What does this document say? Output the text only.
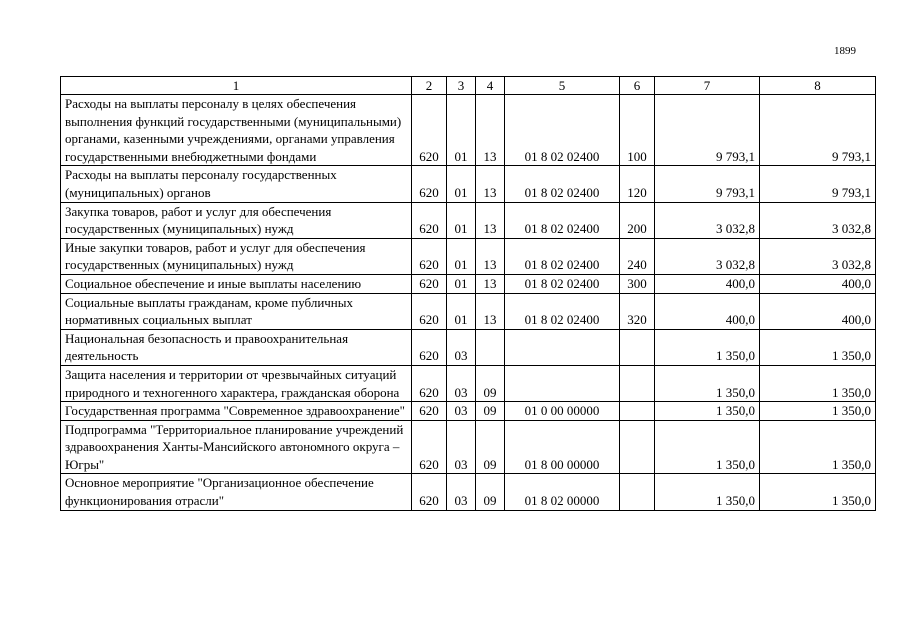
1899
1	2	3	4	5	6	7	8
Расходы на выплаты персоналу в целях обеспечения выполнения функций государственными (муниципальными) органами, казенными учреждениями, органами управления государственными внебюджетными фондами	620	01	13	01 8 02 02400	100	9 793,1	9 793,1
Расходы на выплаты персоналу государственных (муниципальных) органов	620	01	13	01 8 02 02400	120	9 793,1	9 793,1
Закупка товаров, работ и услуг для обеспечения государственных (муниципальных) нужд	620	01	13	01 8 02 02400	200	3 032,8	3 032,8
Иные закупки товаров, работ и услуг для обеспечения государственных (муниципальных) нужд	620	01	13	01 8 02 02400	240	3 032,8	3 032,8
Социальное обеспечение и иные выплаты населению	620	01	13	01 8 02 02400	300	400,0	400,0
Социальные выплаты гражданам, кроме публичных нормативных социальных выплат	620	01	13	01 8 02 02400	320	400,0	400,0
Национальная безопасность и правоохранительная деятельность	620	03				1 350,0	1 350,0
Защита населения и территории от чрезвычайных ситуаций природного и техногенного характера, гражданская оборона	620	03	09			1 350,0	1 350,0
Государственная программа "Современное здравоохранение"	620	03	09	01 0 00 00000		1 350,0	1 350,0
Подпрограмма "Территориальное планирование учреждений здравоохранения Ханты-Мансийского автономного округа – Югры"	620	03	09	01 8 00 00000		1 350,0	1 350,0
Основное мероприятие "Организационное обеспечение функционирования отрасли"	620	03	09	01 8 02 00000		1 350,0	1 350,0
